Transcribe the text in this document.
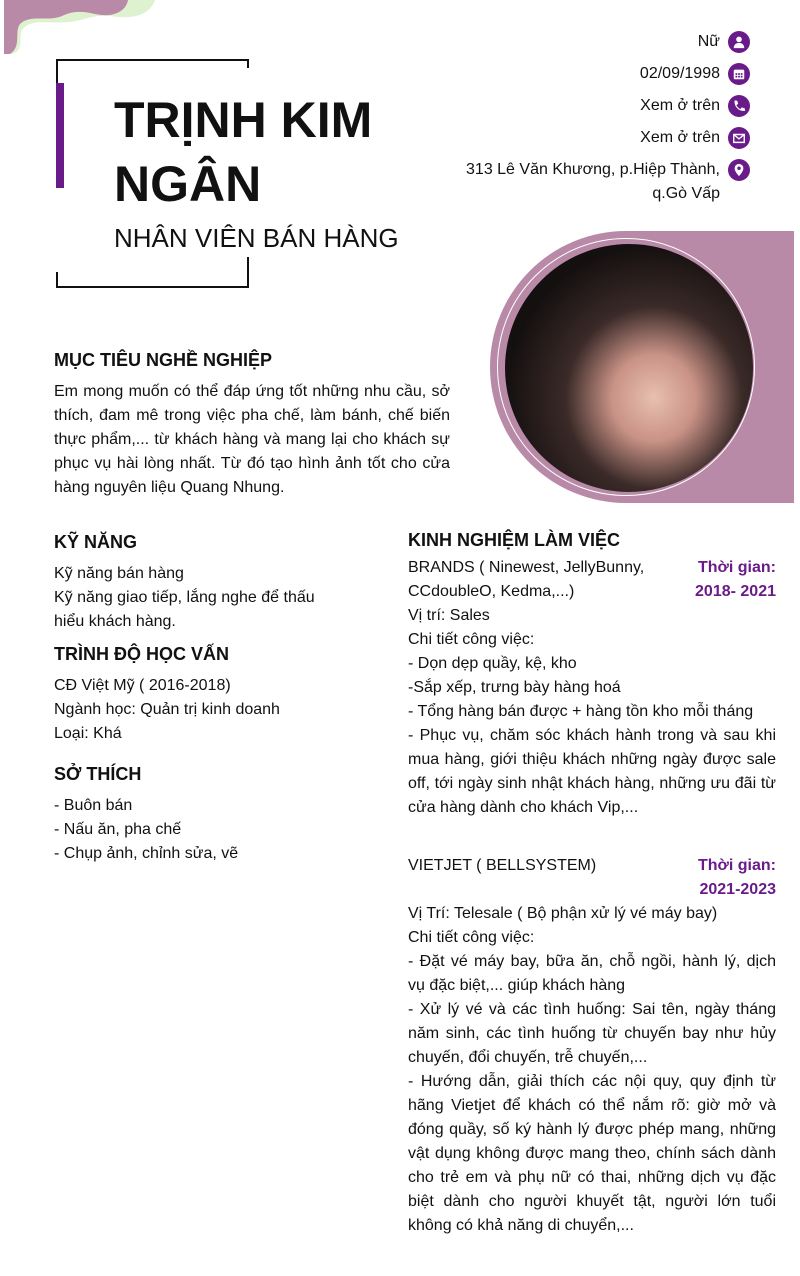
TRỊNH KIM
NGÂN
NHÂN VIÊN BÁN HÀNG
Nữ
02/09/1998
Xem ở trên
Xem ở trên
313 Lê Văn Khương, p.Hiệp Thành,
q.Gò Vấp
MỤC TIÊU NGHỀ NGHIỆP

Em mong muốn có thể đáp ứng tốt những nhu cầu, sở thích, đam mê trong việc pha chế, làm bánh, chế biến thực phẩm,... từ khách hàng và mang lại cho khách sự phục vụ hài lòng nhất. Từ đó tạo hình ảnh tốt cho cửa hàng nguyên liệu Quang Nhung.

KỸ NĂNG

Kỹ năng bán hàng

Kỹ năng giao tiếp, lắng nghe để thấu hiểu khách hàng.

TRÌNH ĐỘ HỌC VẤN

CĐ Việt Mỹ ( 2016-2018)

Ngành học: Quản trị kinh doanh

Loại: Khá

SỞ THÍCH

- Buôn bán

- Nấu ăn, pha chế

- Chụp ảnh, chỉnh sửa, vẽ

KINH NGHIỆM LÀM VIỆC

BRANDS ( Ninewest, JellyBunny, CCdoubleO, Kedma,...)

Thời gian:

2018- 2021

Vị trí: Sales

Chi tiết công việc:

- Dọn dẹp quầy, kệ, kho

-Sắp xếp, trưng bày hàng hoá

- Tổng hàng bán được + hàng tồn kho mỗi tháng

- Phục vụ, chăm sóc khách hành trong và sau khi mua hàng, giới thiệu khách những ngày được sale off, tới ngày sinh nhật khách hàng, những ưu đãi từ cửa hàng dành cho khách Vip,...

VIETJET ( BELLSYSTEM)	Thời gian:

2021-2023

Vị Trí: Telesale ( Bộ phận xử lý vé máy bay)

Chi tiết công việc:

- Đặt vé máy bay, bữa ăn, chỗ ngồi, hành lý, dịch vụ đặc biệt,... giúp khách hàng

- Xử lý vé và các tình huống: Sai tên, ngày tháng năm sinh, các tình huống từ chuyến bay như hủy chuyến, đổi chuyến, trễ chuyến,...

- Hướng dẫn, giải thích các nội quy, quy định từ hãng Vietjet để khách có thể nắm rõ: giờ mở và đóng quầy, số ký hành lý được phép mang, những vật dụng không được mang theo, chính sách dành cho trẻ em và phụ nữ có thai, những dịch vụ đặc biệt dành cho người khuyết tật, người lớn tuổi không có khả năng di chuyển,...
